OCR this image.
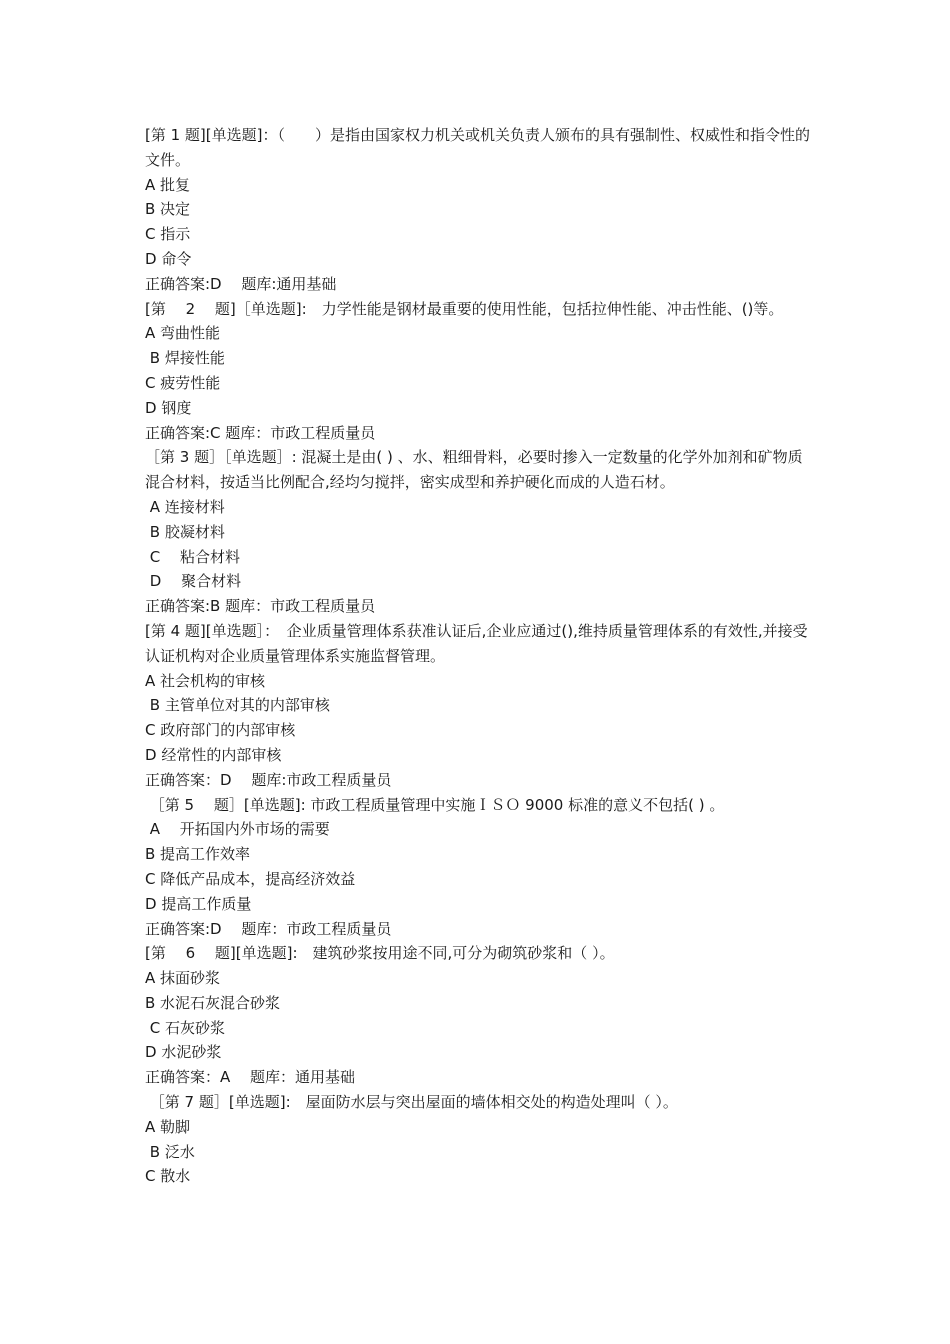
[第 1 题][单选题]：（　　）是指由国家权力机关或机关负责人颁布的具有强制性、权威性和指令性的文件。
A 批复
B 决定
C 指示
D 命令
正确答案:D　 题库:通用基础
[第　 2　 题]［单选题]:　力学性能是钢材最重要的使用性能，包括拉伸性能、冲击性能、()等。
A 弯曲性能
B 焊接性能
C 疲劳性能
D 钢度
正确答案:C 题库：市政工程质量员
［第 3 题］［单选题］: 混凝土是由( ) 、水、粗细骨料，必要时掺入一定数量的化学外加剂和矿物质混合材料，按适当比例配合,经均匀搅拌，密实成型和养护硬化而成的人造石材。
A 连接材料
B 胶凝材料
C　 粘合材料
D　 聚合材料
正确答案:B 题库：市政工程质量员
[第 4 题][单选题］：　企业质量管理体系获准认证后,企业应通过(),维持质量管理体系的有效性,并接受认证机构对企业质量管理体系实施监督管理。
A 社会机构的审核
B 主管单位对其的内部审核
C 政府部门的内部审核
D 经常性的内部审核
正确答案：D　 题库:市政工程质量员
［第 5　 题］[单选题]: 市政工程质量管理中实施ＩＳＯ 9000 标准的意义不包括( ) 。
A　 开拓国内外市场的需要
B 提高工作效率
C 降低产品成本，提高经济效益
D 提高工作质量
正确答案:D　 题库：市政工程质量员
[第　 6　 题][单选题]:　建筑砂浆按用途不同,可分为砌筑砂浆和（ ）。
A 抹面砂浆
B 水泥石灰混合砂浆
C 石灰砂浆
D 水泥砂浆
正确答案：A　 题库：通用基础
［第 7 题］[单选题]:　屋面防水层与突出屋面的墙体相交处的构造处理叫（ ）。
A 勒脚
B 泛水
C 散水
